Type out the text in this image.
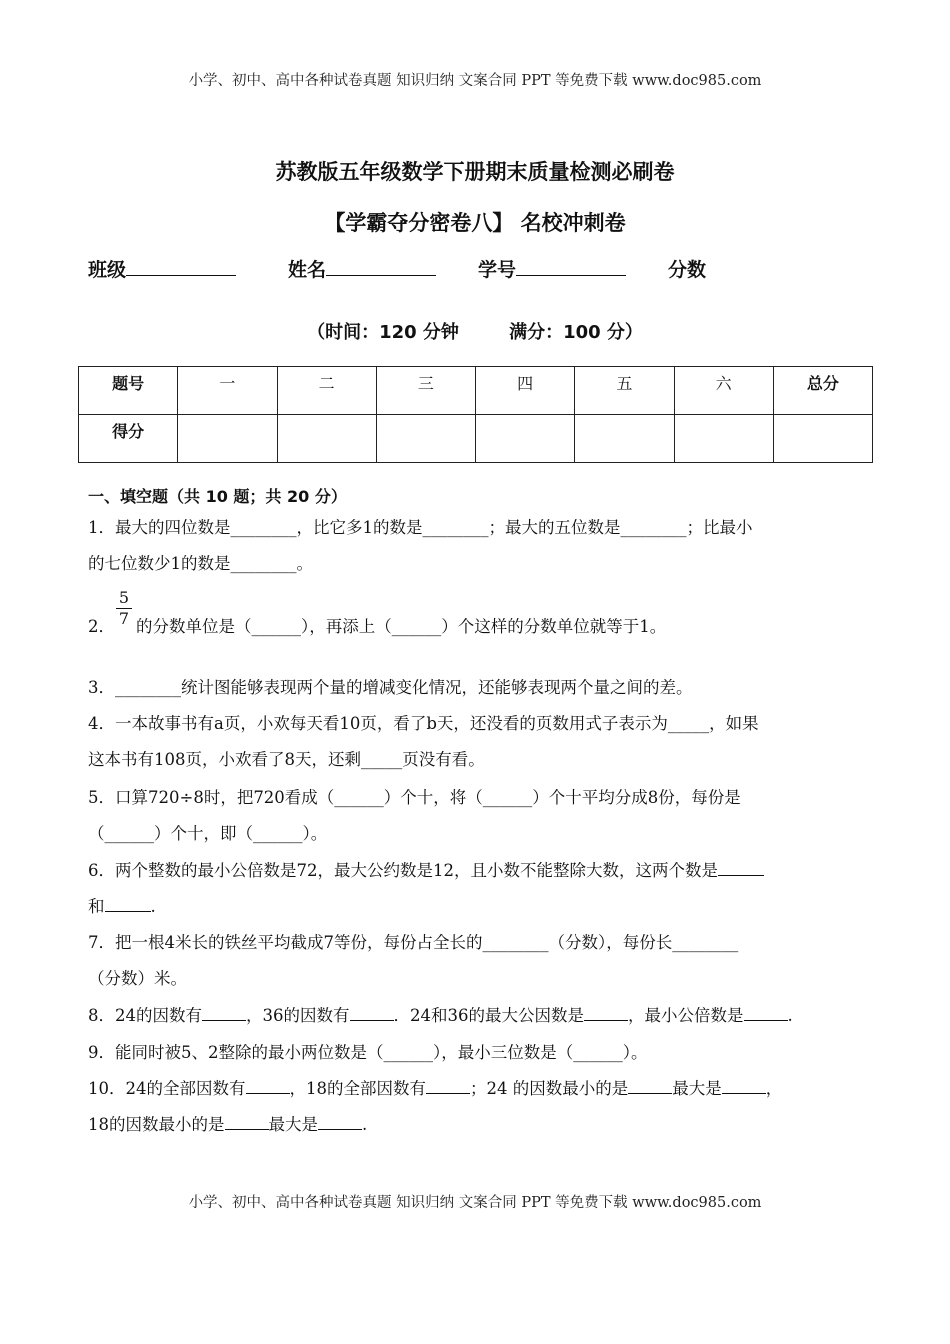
小学、初中、高中各种试卷真题 知识归纳 文案合同 PPT 等免费下载 www.doc985.com
苏教版五年级数学下册期末质量检测必刷卷
【学霸夺分密卷八】 名校冲刺卷
班级	姓名	学号	分数
（时间：120 分钟        满分：100 分）
题号	一	二	三	四	五	六	总分
得分							
一、填空题（共 10 题；共 20 分）
1．最大的四位数是________，比它多1的数是________；最大的五位数是________；比最小
的七位数少1的数是________。
5
7
2． 的分数单位是（______），再添上（______）个这样的分数单位就等于1。
3．________统计图能够表现两个量的增减变化情况，还能够表现两个量之间的差。
4．一本故事书有a页，小欢每天看10页，看了b天，还没看的页数用式子表示为_____，如果
这本书有108页，小欢看了8天，还剩_____页没有看。
5．口算720÷8时，把720看成（______）个十，将（______）个十平均分成8份，每份是
（______）个十，即（______）。
6．两个整数的最小公倍数是72，最大公约数是12，且小数不能整除大数，这两个数是
和	.
7．把一根4米长的铁丝平均截成7等份，每份占全长的________（分数），每份长________
（分数）米。
8．24的因数有	，36的因数有	．24和36的最大公因数是	，最小公倍数是	.
9．能同时被5、2整除的最小两位数是（______），最小三位数是（______）。
10．24的全部因数有	，18的全部因数有	；24 的因数最小的是	最大是	，
18的因数最小的是	最大是	.
小学、初中、高中各种试卷真题 知识归纳 文案合同 PPT 等免费下载 www.doc985.com
